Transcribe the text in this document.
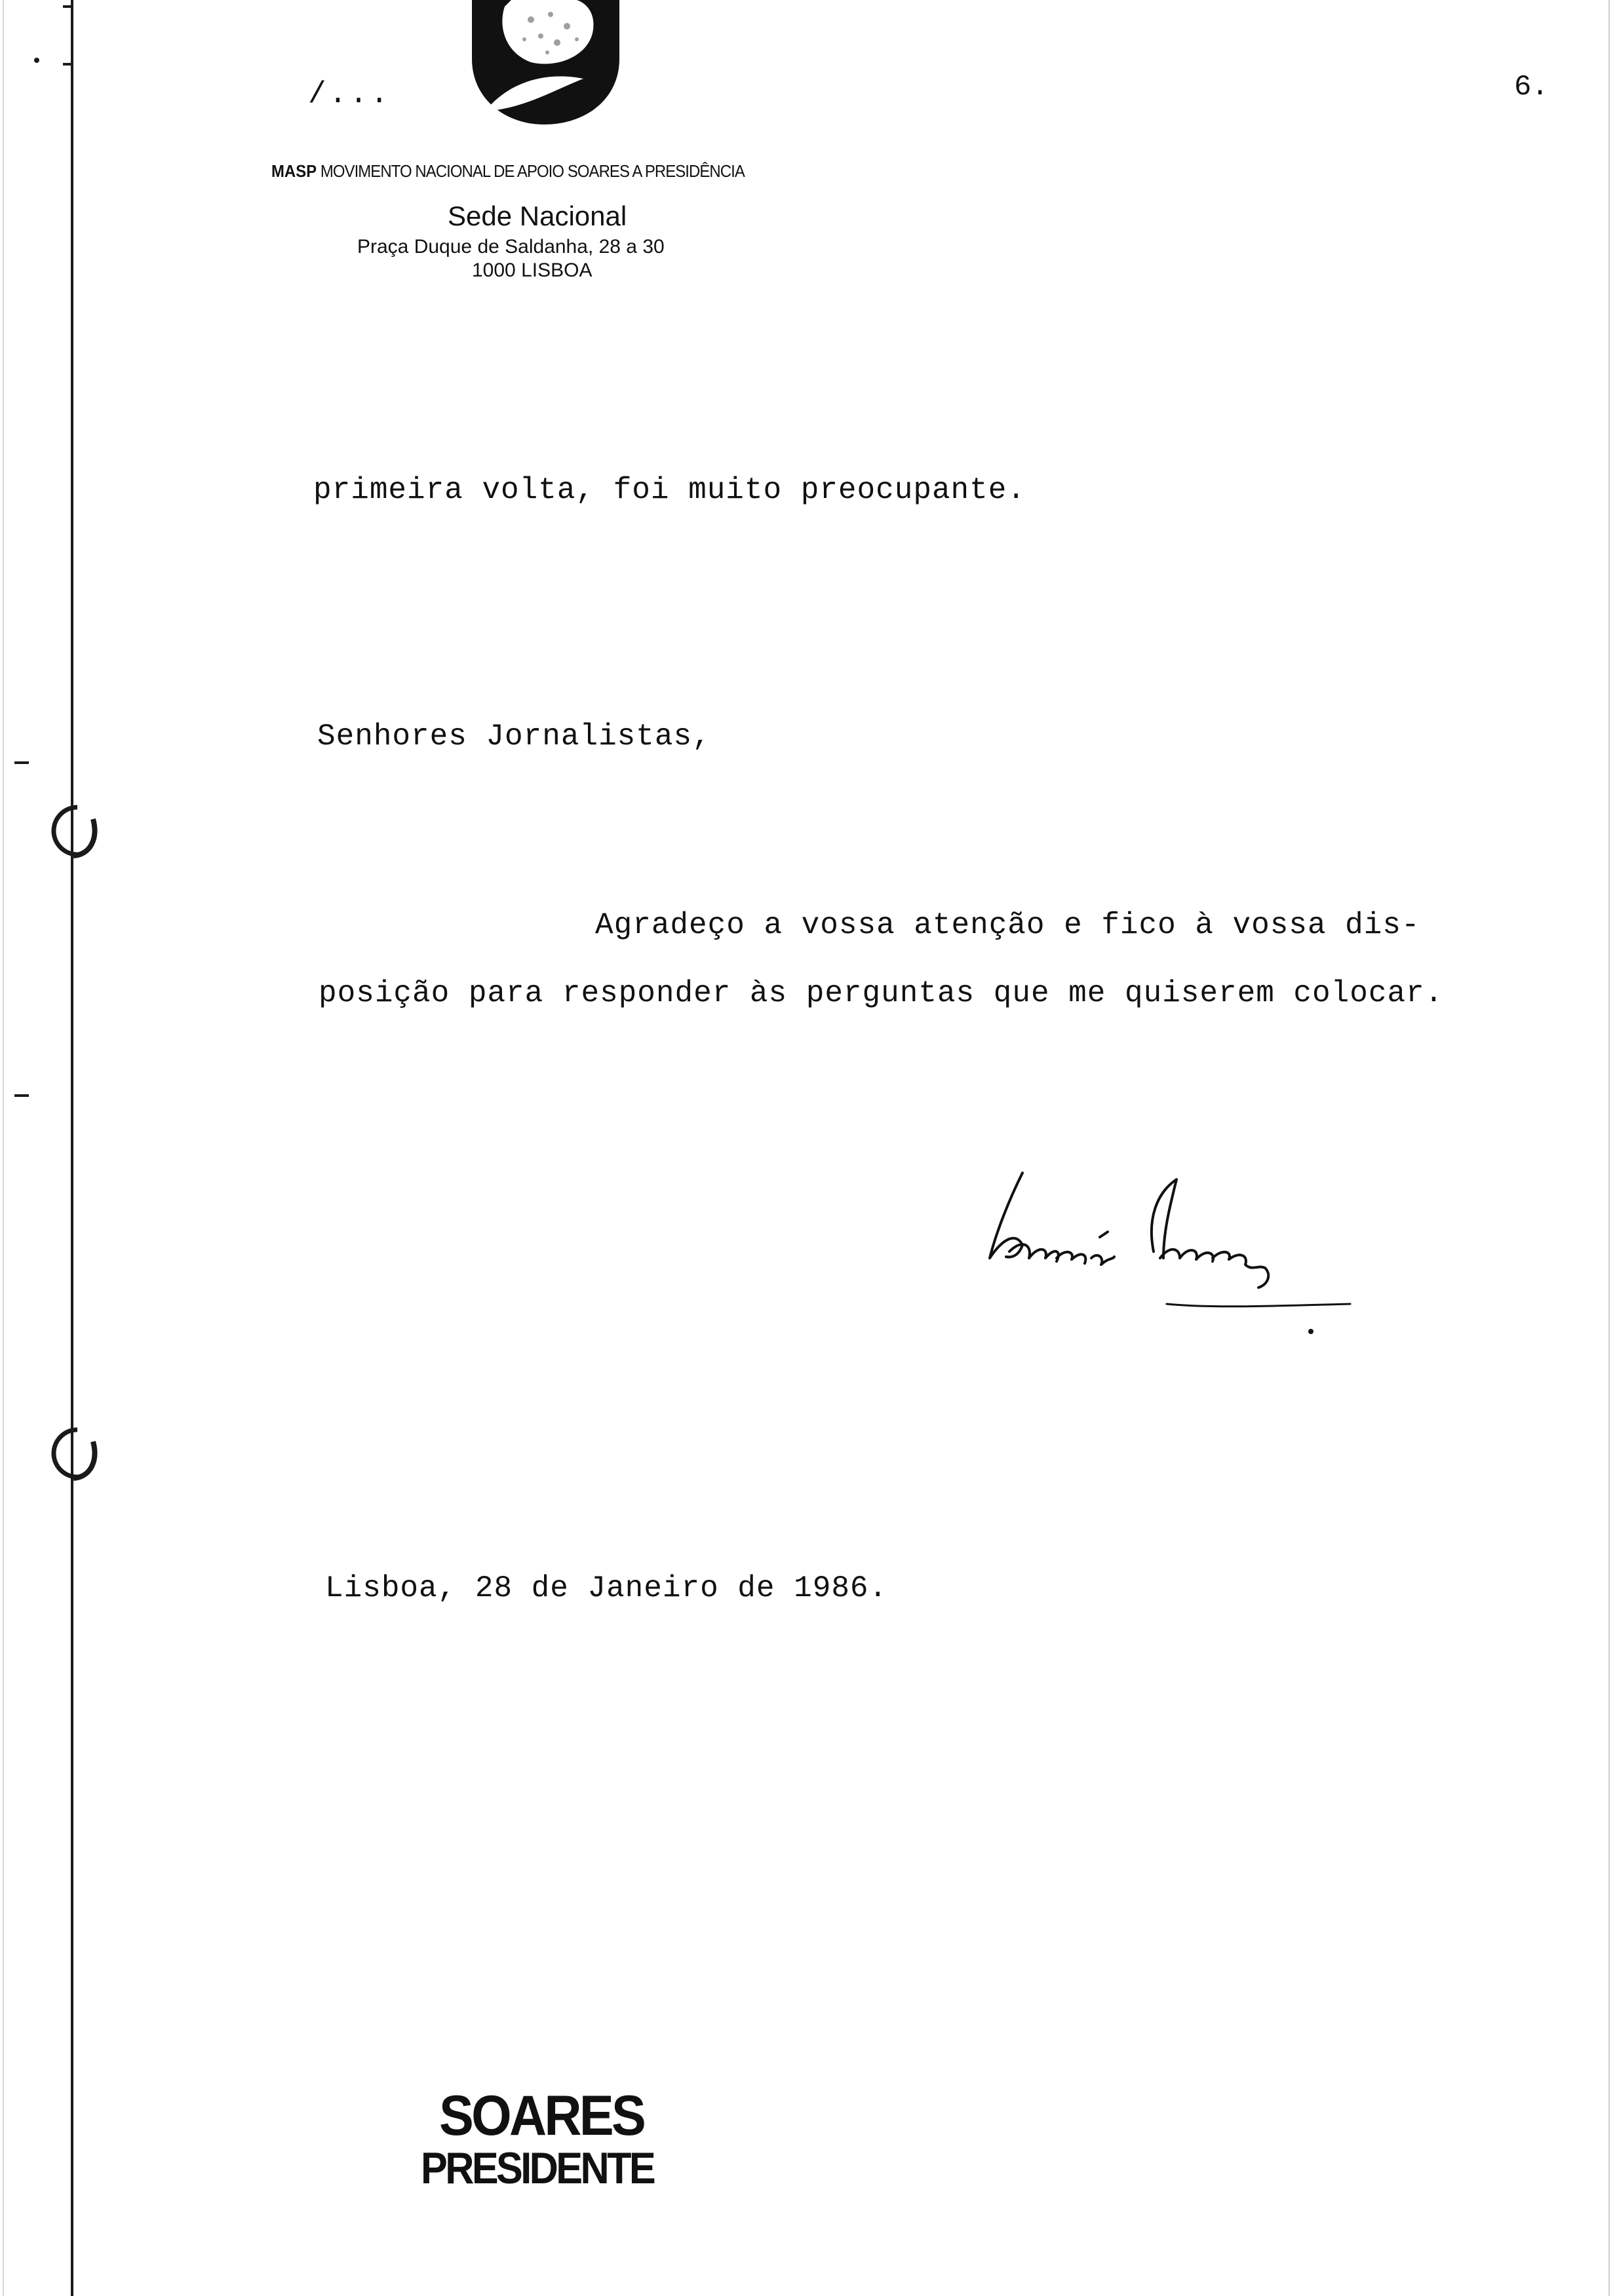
/...	6.
MASP MOVIMENTO NACIONAL DE APOIO SOARES A PRESIDÊNCIA
Sede Nacional
Praça Duque de Saldanha, 28 a 30
1000 LISBOA
primeira volta, foi muito preocupante.
Senhores Jornalistas,
Agradeço a vossa atenção e fico à vossa dis-
posição para responder às perguntas que me quiserem colocar.
Lisboa, 28 de Janeiro de 1986.
SOARES
PRESIDENTE
